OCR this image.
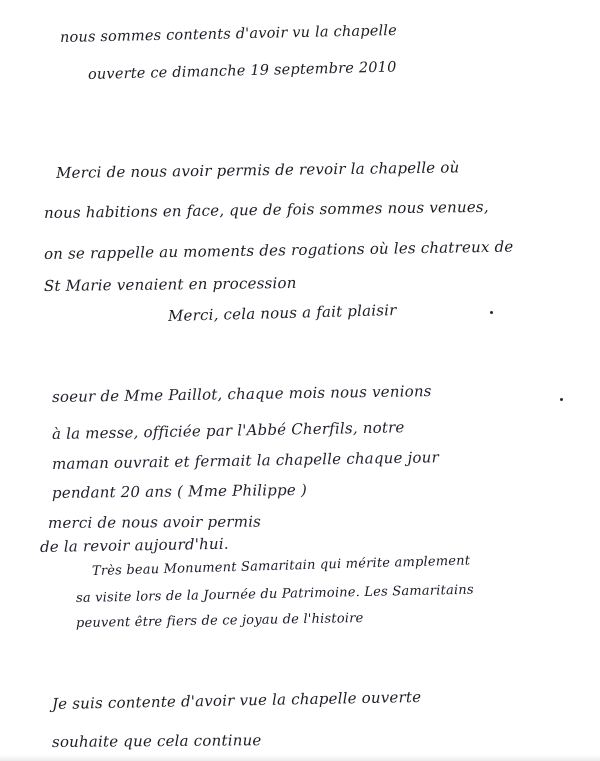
nous sommes contents d'avoir vu la chapelle

ouverte ce dimanche 19 septembre 2010

Merci de nous avoir permis de revoir la chapelle où

nous habitions en face, que de fois sommes nous venues,

on se rappelle au moments des rogations où les chatreux de

St Marie venaient en procession

Merci, cela nous a fait plaisir

soeur de Mme Paillot, chaque mois nous venions

à la messe, officiée par l'Abbé Cherfils, notre

maman ouvrait et fermait la chapelle chaque jour

pendant 20 ans ( Mme Philippe )

merci de nous avoir permis

de la revoir aujourd'hui.

Très beau Monument Samaritain qui mérite amplement

sa visite lors de la Journée du Patrimoine. Les Samaritains

peuvent être fiers de ce joyau de l'histoire

Je suis contente d'avoir vue la chapelle ouverte

souhaite que cela continue
